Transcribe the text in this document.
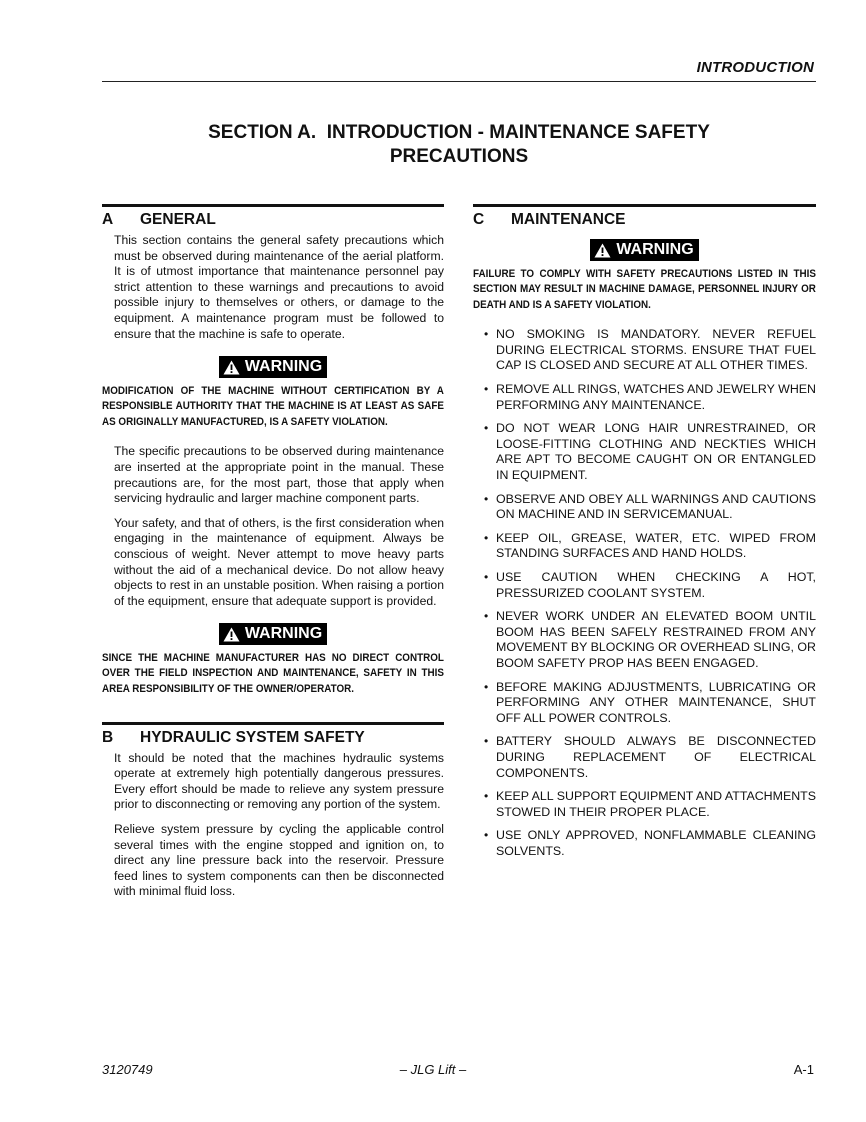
INTRODUCTION
SECTION A.  INTRODUCTION - MAINTENANCE SAFETY
PRECAUTIONS
A GENERAL

This section contains the general safety precautions which must be observed during maintenance of the aerial platform. It is of utmost importance that maintenance personnel pay strict attention to these warnings and precautions to avoid possible injury to themselves or others, or damage to the equipment. A maintenance program must be followed to ensure that the machine is safe to operate.

WARNING
MODIFICATION OF THE MACHINE WITHOUT CERTIFICATION BY A RESPONSIBLE AUTHORITY THAT THE MACHINE IS AT LEAST AS SAFE AS ORIGINALLY MANUFACTURED, IS A SAFETY VIOLATION.

The specific precautions to be observed during maintenance are inserted at the appropriate point in the manual. These precautions are, for the most part, those that apply when servicing hydraulic and larger machine component parts.

Your safety, and that of others, is the first consideration when engaging in the maintenance of equipment. Always be conscious of weight. Never attempt to move heavy parts without the aid of a mechanical device. Do not allow heavy objects to rest in an unstable position. When raising a portion of the equipment, ensure that adequate support is provided.

WARNING
SINCE THE MACHINE MANUFACTURER HAS NO DIRECT CONTROL OVER THE FIELD INSPECTION AND MAINTENANCE, SAFETY IN THIS AREA RESPONSIBILITY OF THE OWNER/OPERATOR.
B HYDRAULIC SYSTEM SAFETY

It should be noted that the machines hydraulic systems operate at extremely high potentially dangerous pressures. Every effort should be made to relieve any system pressure prior to disconnecting or removing any portion of the system.

Relieve system pressure by cycling the applicable control several times with the engine stopped and ignition on, to direct any line pressure back into the reservoir. Pressure feed lines to system components can then be disconnected with minimal fluid loss.

C MAINTENANCE
WARNING
FAILURE TO COMPLY WITH SAFETY PRECAUTIONS LISTED IN THIS SECTION MAY RESULT IN MACHINE DAMAGE, PERSONNEL INJURY OR DEATH AND IS A SAFETY VIOLATION.
• NO SMOKING IS MANDATORY. NEVER REFUEL DURING ELECTRICAL STORMS. ENSURE THAT FUEL CAP IS CLOSED AND SECURE AT ALL OTHER TIMES.
• REMOVE ALL RINGS, WATCHES AND JEWELRY WHEN PERFORMING ANY MAINTENANCE.
• DO NOT WEAR LONG HAIR UNRESTRAINED, OR LOOSE-FITTING CLOTHING AND NECKTIES WHICH ARE APT TO BECOME CAUGHT ON OR ENTANGLED IN EQUIPMENT.
• OBSERVE AND OBEY ALL WARNINGS AND CAUTIONS ON MACHINE AND IN SERVICEMANUAL.
• KEEP OIL, GREASE, WATER, ETC. WIPED FROM STANDING SURFACES AND HAND HOLDS.
• USE CAUTION WHEN CHECKING A HOT, PRESSURIZED COOLANT SYSTEM.
• NEVER WORK UNDER AN ELEVATED BOOM UNTIL BOOM HAS BEEN SAFELY RESTRAINED FROM ANY MOVEMENT BY BLOCKING OR OVERHEAD SLING, OR BOOM SAFETY PROP HAS BEEN ENGAGED.
• BEFORE MAKING ADJUSTMENTS, LUBRICATING OR PERFORMING ANY OTHER MAINTENANCE, SHUT OFF ALL POWER CONTROLS.
• BATTERY SHOULD ALWAYS BE DISCONNECTED DURING REPLACEMENT OF ELECTRICAL COMPONENTS.
• KEEP ALL SUPPORT EQUIPMENT AND ATTACHMENTS STOWED IN THEIR PROPER PLACE.
• USE ONLY APPROVED, NONFLAMMABLE CLEANING SOLVENTS.
3120749	– JLG Lift –	A-1
